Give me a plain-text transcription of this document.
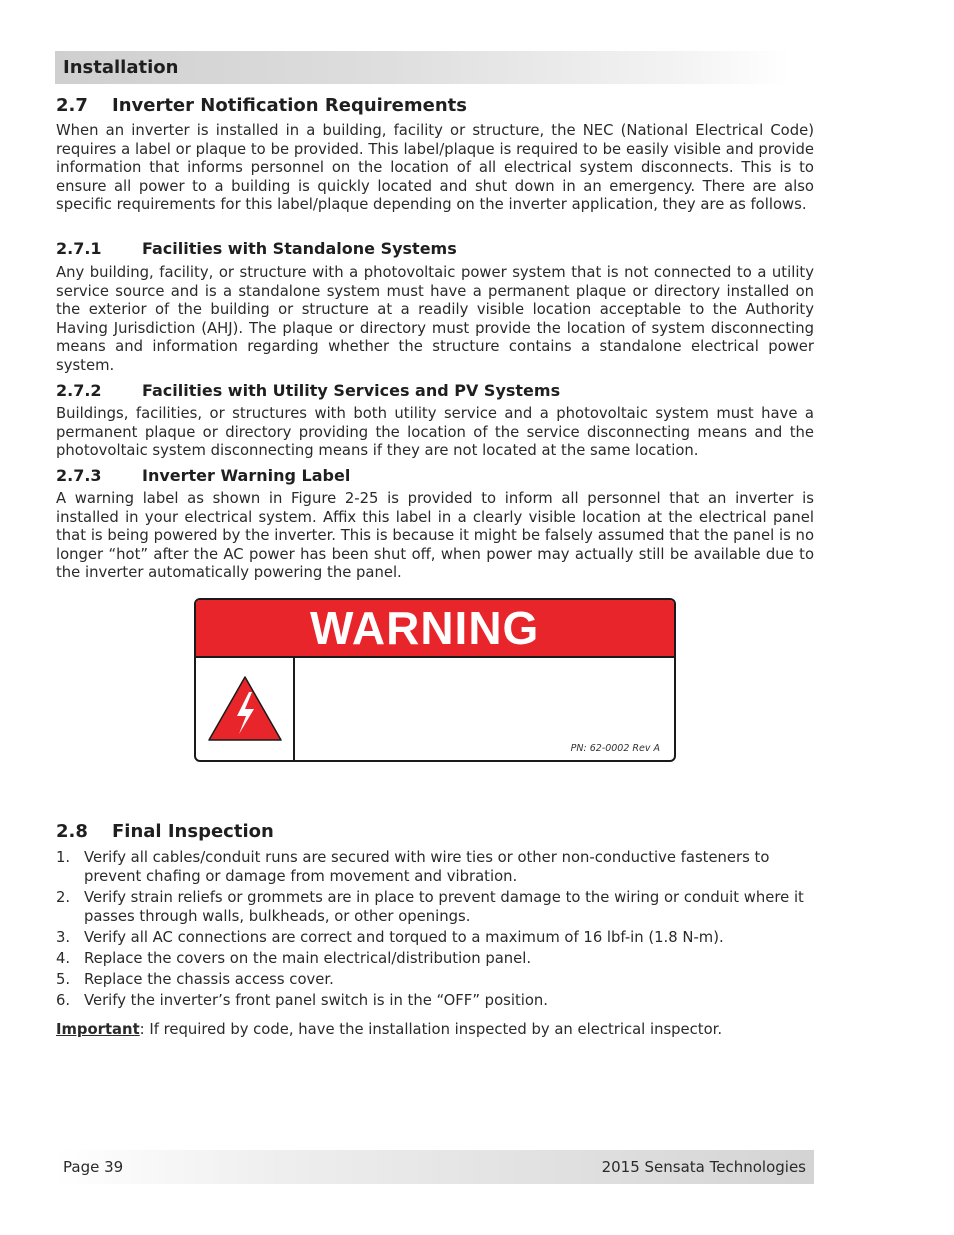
Installation
2.7 Inverter Notification Requirements

When an inverter is installed in a building, facility or structure, the NEC (National Electrical Code) requires a label or plaque to be provided. This label/plaque is required to be easily visible and provide information that informs personnel on the location of all electrical system disconnects. This is to ensure all power to a building is quickly located and shut down in an emergency. There are also specific requirements for this label/plaque depending on the inverter application, they are as follows.

2.7.1	Facilities with Standalone Systems

Any building, facility, or structure with a photovoltaic power system that is not connected to a utility service source and is a standalone system must have a permanent plaque or directory installed on the exterior of the building or structure at a readily visible location acceptable to the Authority Having Jurisdiction (AHJ). The plaque or directory must provide the location of system disconnecting means and information regarding whether the structure contains a standalone electrical power system.

2.7.2	Facilities with Utility Services and PV Systems

Buildings, facilities, or structures with both utility service and a photovoltaic system must have a permanent plaque or directory providing the location of the service disconnecting means and the photovoltaic system disconnecting means if they are not located at the same location.

2.7.3	Inverter Warning Label

A warning label as shown in Figure 2-25 is provided to inform all personnel that an inverter is installed in your electrical system. Affix this label in a clearly visible location at the electrical panel that is being powered by the inverter. This is because it might be falsely assumed that the panel is no longer “hot” after the AC power has been shut off, when power may actually still be available due to the inverter automatically powering the panel.

WARNING
PN: 62-0002 Rev A
2.8 Final Inspection
1. Verify all cables/conduit runs are secured with wire ties or other non-conductive fasteners to prevent chafing or damage from movement and vibration.
2. Verify strain reliefs or grommets are in place to prevent damage to the wiring or conduit where it passes through walls, bulkheads, or other openings.
3. Verify all AC connections are correct and torqued to a maximum of 16 lbf-in (1.8 N-m).
4. Replace the covers on the main electrical/distribution panel.
5. Replace the chassis access cover.
6. Verify the inverter’s front panel switch is in the “OFF” position.
Important: If required by code, have the installation inspected by an electrical inspector.
Page 39	2015 Sensata Technologies
